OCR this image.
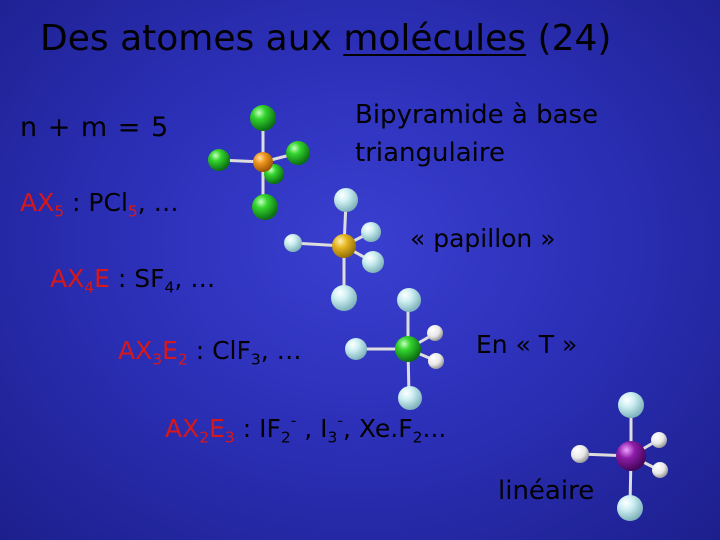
Des atomes aux molécules (24)
n + m = 5	Bipyramide à base
triangulaire
$AX_5$ : PCl$_5$, …
« papillon »
$AX_4E$ : $SF_4$, …
$AX_3E_2$ : ClF$_3$, …	En « T »
$AX_2E_3$ : $IF_2^-$ , $I_3^-$, $Xe.F_2$...
linéaire
